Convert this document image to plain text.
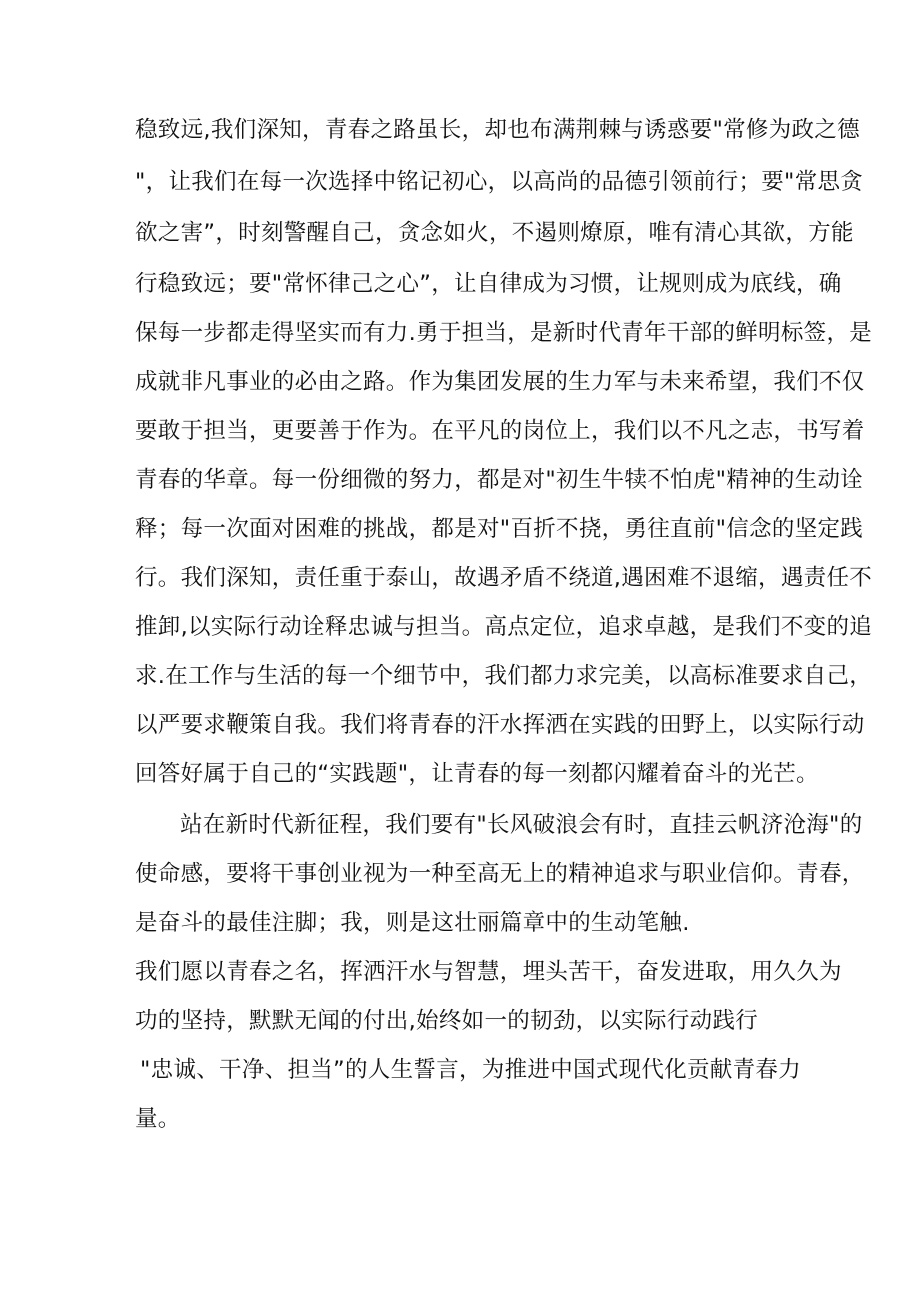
稳致远,我们深知，青春之路虽长，却也布满荆棘与诱惑要"常修为政之德
"，让我们在每一次选择中铭记初心，以高尚的品德引领前行；要"常思贪
欲之害”，时刻警醒自己，贪念如火，不遏则燎原，唯有清心其欲，方能
行稳致远；要"常怀律己之心”，让自律成为习惯，让规则成为底线，确
保每一步都走得坚实而有力.勇于担当，是新时代青年干部的鲜明标签，是
成就非凡事业的必由之路。作为集团发展的生力军与未来希望，我们不仅
要敢于担当，更要善于作为。在平凡的岗位上，我们以不凡之志，书写着
青春的华章。每一份细微的努力，都是对"初生牛犊不怕虎"精神的生动诠
释；每一次面对困难的挑战，都是对"百折不挠，勇往直前"信念的坚定践
行。我们深知，责任重于泰山，故遇矛盾不绕道,遇困难不退缩，遇责任不
推卸,以实际行动诠释忠诚与担当。高点定位，追求卓越，是我们不变的追
求.在工作与生活的每一个细节中，我们都力求完美，以高标准要求自己，
以严要求鞭策自我。我们将青春的汗水挥洒在实践的田野上，以实际行动
回答好属于自己的“实践题"，让青春的每一刻都闪耀着奋斗的光芒。
站在新时代新征程，我们要有"长风破浪会有时，直挂云帆济沧海"的
使命感，要将干事创业视为一种至高无上的精神追求与职业信仰。青春，
是奋斗的最佳注脚；我，则是这壮丽篇章中的生动笔触.
我们愿以青春之名，挥洒汗水与智慧，埋头苦干，奋发进取，用久久为
功的坚持，默默无闻的付出,始终如一的韧劲，以实际行动践行
"忠诚、干净、担当”的人生誓言，为推进中国式现代化贡献青春力
量。
